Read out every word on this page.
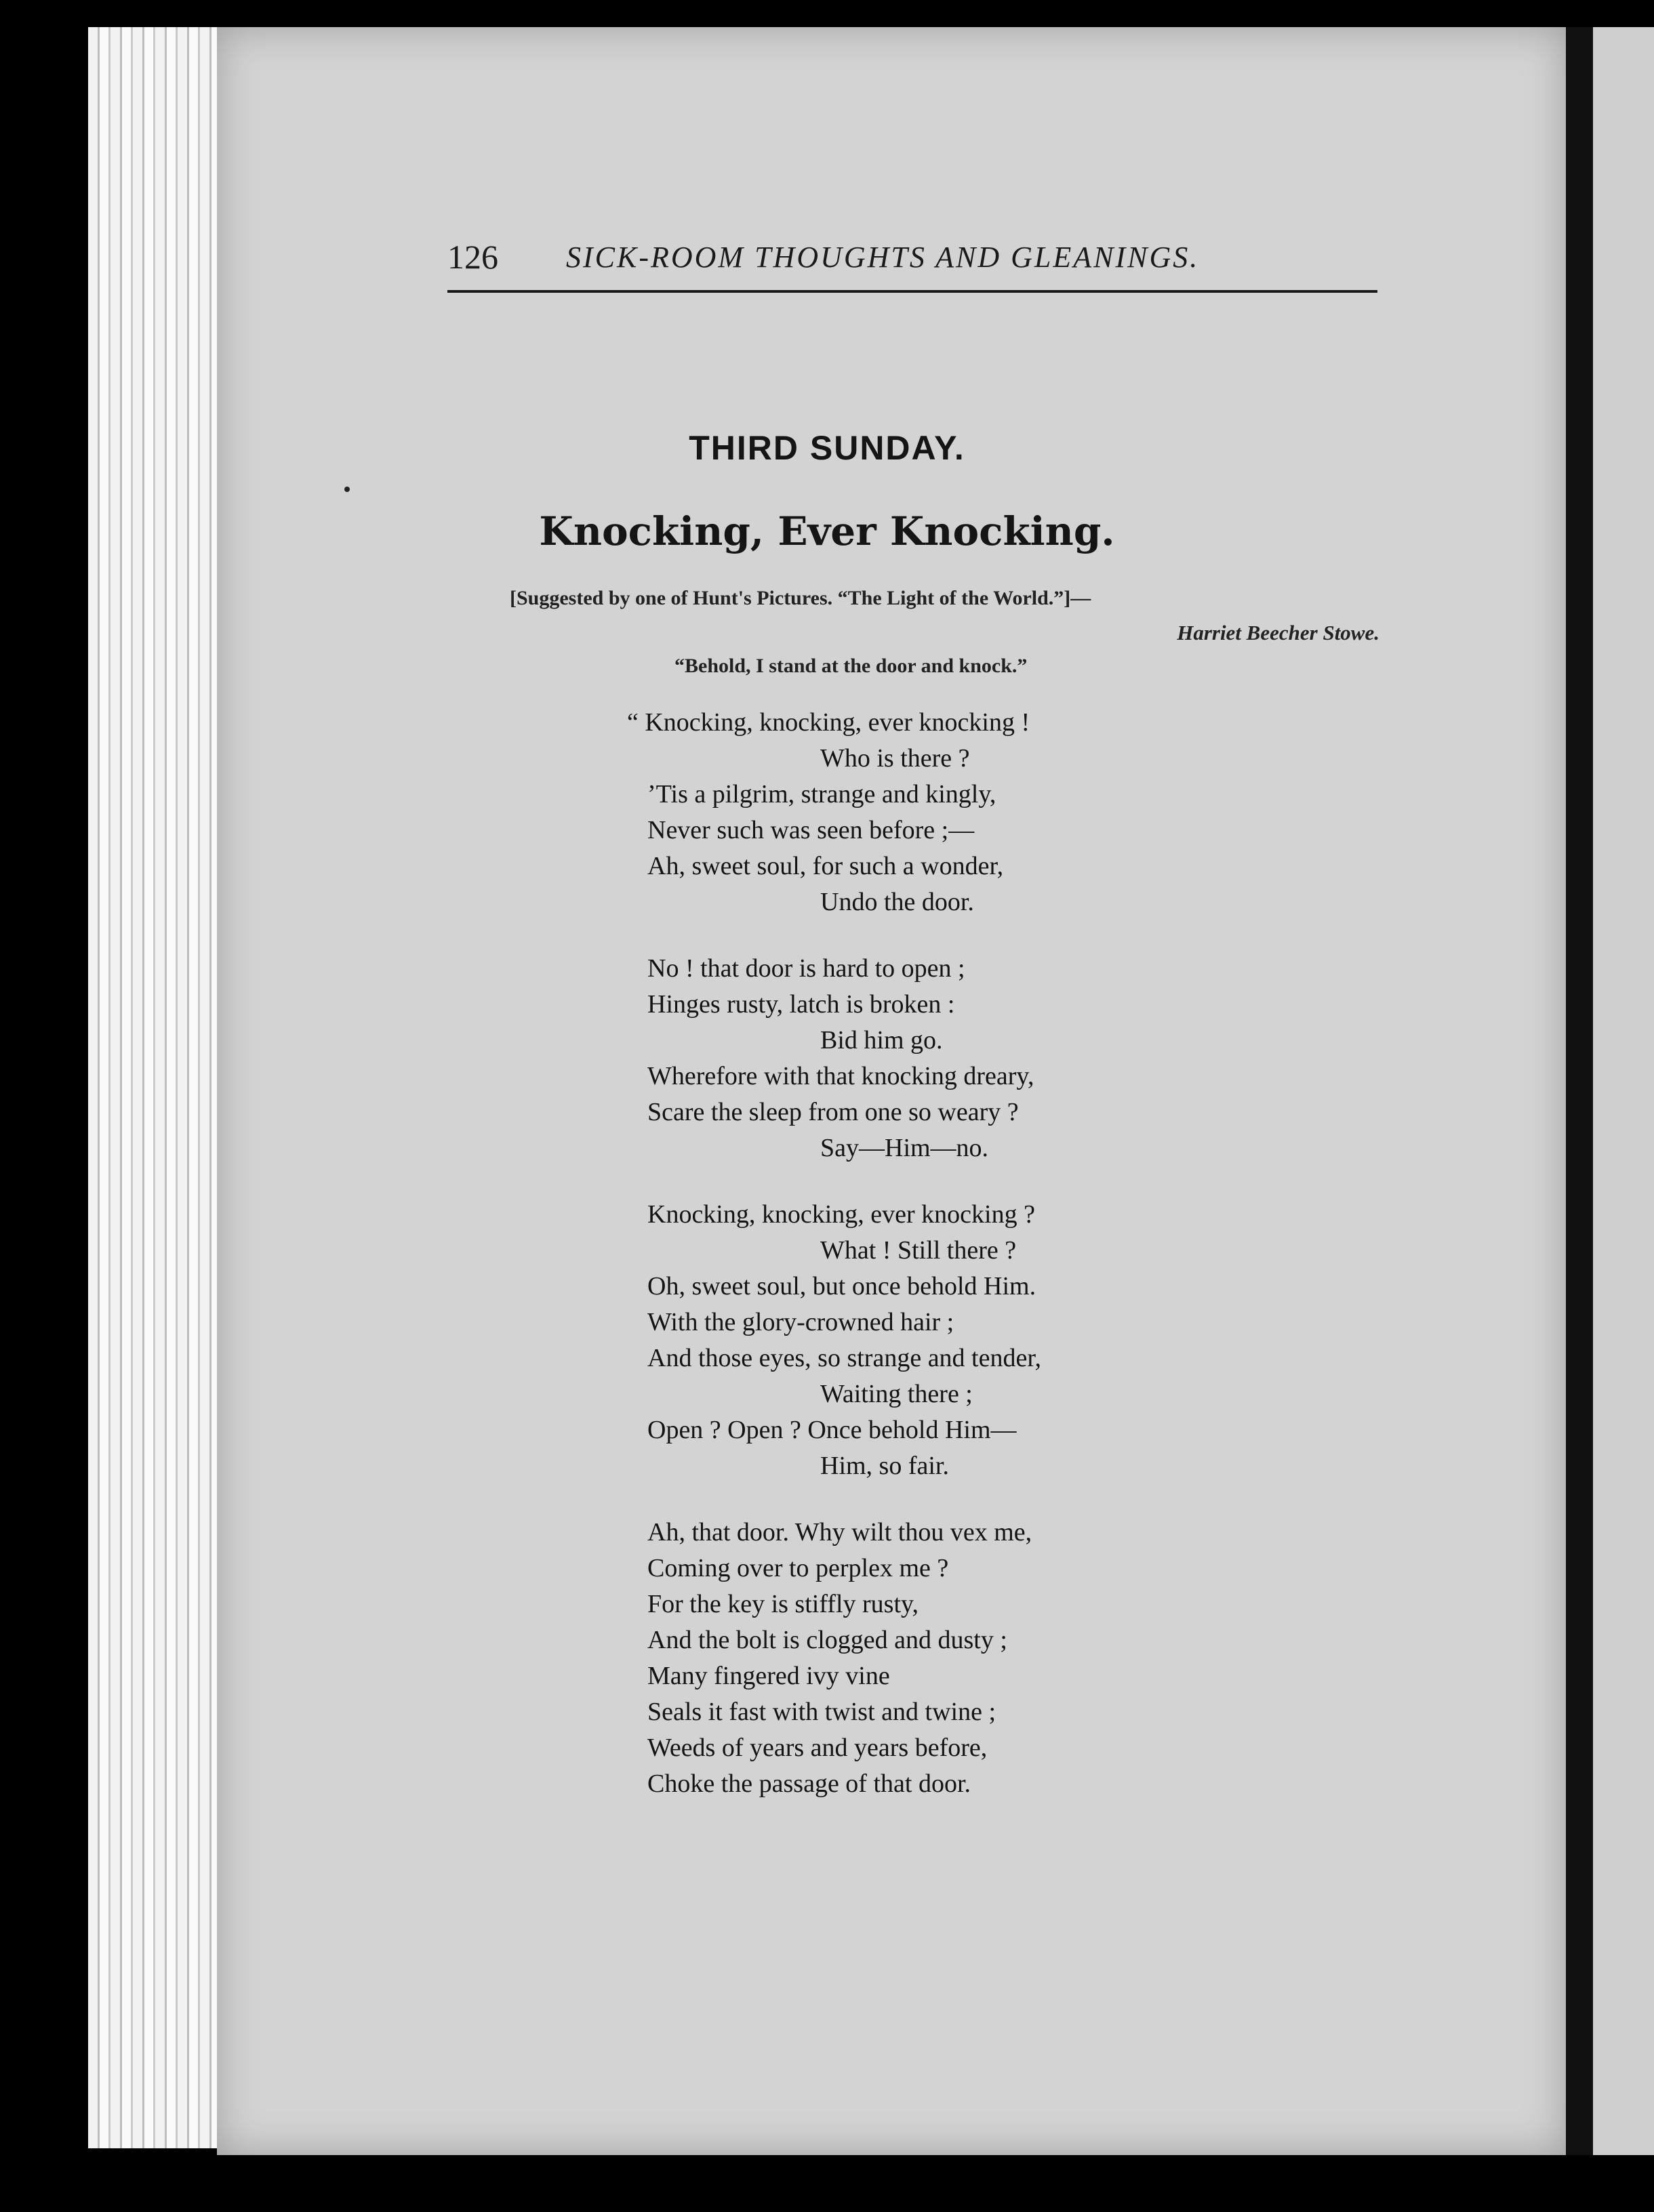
126 SICK-ROOM THOUGHTS AND GLEANINGS.
THIRD SUNDAY.
Knocking, Ever Knocking.
[Suggested by one of Hunt's Pictures. “The Light of the World.”]—
Harriet Beecher Stowe.
“Behold, I stand at the door and knock.”
“ Knocking, knocking, ever knocking !
Who is there ?
’Tis a pilgrim, strange and kingly,
Never such was seen before ;—
Ah, sweet soul, for such a wonder,
Undo the door.
No ! that door is hard to open ;
Hinges rusty, latch is broken :
Bid him go.
Wherefore with that knocking dreary,
Scare the sleep from one so weary ?
Say—Him—no.
Knocking, knocking, ever knocking ?
What ! Still there ?
Oh, sweet soul, but once behold Him.
With the glory-crowned hair ;
And those eyes, so strange and tender,
Waiting there ;
Open ? Open ? Once behold Him—
Him, so fair.
Ah, that door. Why wilt thou vex me,
Coming over to perplex me ?
For the key is stiffly rusty,
And the bolt is clogged and dusty ;
Many fingered ivy vine
Seals it fast with twist and twine ;
Weeds of years and years before,
Choke the passage of that door.
